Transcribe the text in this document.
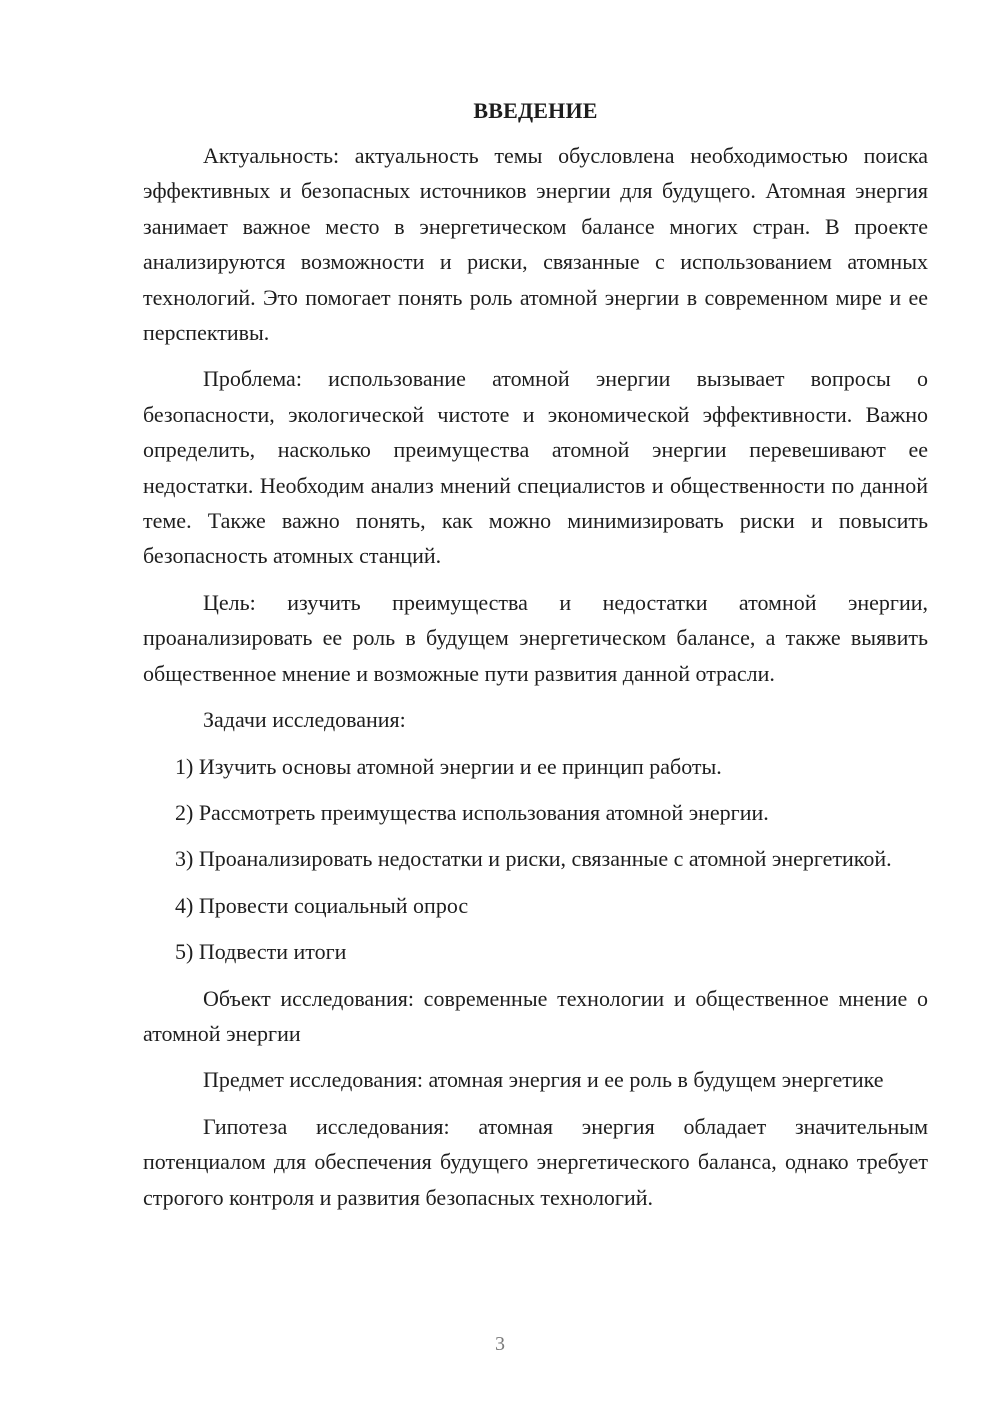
ВВЕДЕНИЕ

Актуальность: актуальность темы обусловлена необходимостью поиска эффективных и безопасных источников энергии для будущего. Атомная энергия занимает важное место в энергетическом балансе многих стран. В проекте анализируются возможности и риски, связанные с использованием атомных технологий. Это помогает понять роль атомной энергии в современном мире и ее перспективы.

Проблема: использование атомной энергии вызывает вопросы о безопасности, экологической чистоте и экономической эффективности. Важно определить, насколько преимущества атомной энергии перевешивают ее недостатки. Необходим анализ мнений специалистов и общественности по данной теме. Также важно понять, как можно минимизировать риски и повысить безопасность атомных станций.

Цель: изучить преимущества и недостатки атомной энергии, проанализировать ее роль в будущем энергетическом балансе, а также выявить общественное мнение и возможные пути развития данной отрасли.

Задачи исследования:

1) Изучить основы атомной энергии и ее принцип работы.

2) Рассмотреть преимущества использования атомной энергии.

3) Проанализировать недостатки и риски, связанные с атомной энергетикой.

4) Провести социальный опрос

5) Подвести итоги

Объект исследования: современные технологии и общественное мнение о атомной энергии

Предмет исследования: атомная энергия и ее роль в будущем энергетике

Гипотеза исследования: атомная энергия обладает значительным потенциалом для обеспечения будущего энергетического баланса, однако требует строгого контроля и развития безопасных технологий.

3
